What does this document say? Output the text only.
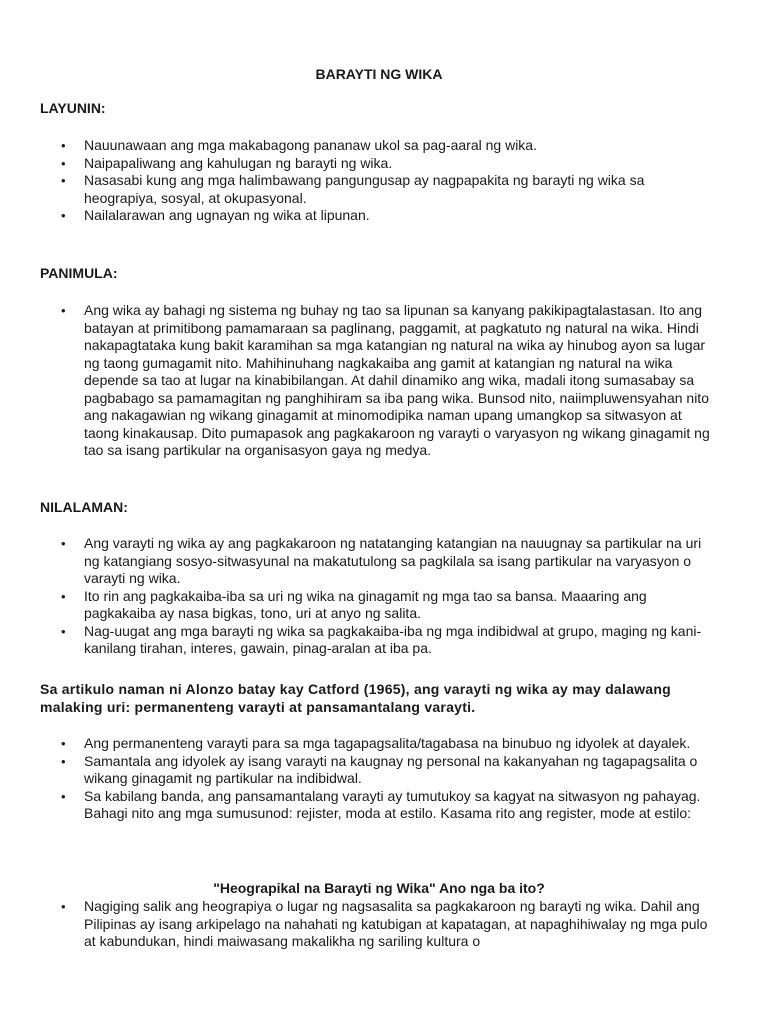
BARAYTI NG WIKA
LAYUNIN:
• Nauunawaan ang mga makabagong pananaw ukol sa pag-aaral ng wika.
• Naipapaliwang ang kahulugan ng barayti ng wika.
• Nasasabi kung ang mga halimbawang pangungusap ay nagpapakita ng barayti ng wika sa heograpiya, sosyal, at okupasyonal.
• Nailalarawan ang ugnayan ng wika at lipunan.
PANIMULA:
• Ang wika ay bahagi ng sistema ng buhay ng tao sa lipunan sa kanyang pakikipagtalastasan. Ito ang batayan at primitibong pamamaraan sa paglinang, paggamit, at pagkatuto ng natural na wika. Hindi nakapagtataka kung bakit karamihan sa mga katangian ng natural na wika ay hinubog ayon sa lugar ng taong gumagamit nito. Mahihinuhang nagkakaiba ang gamit at katangian ng natural na wika depende sa tao at lugar na kinabibilangan. At dahil dinamiko ang wika, madali itong sumasabay sa pagbabago sa pamamagitan ng panghihiram sa iba pang wika. Bunsod nito, naiimpluwensyahan nito ang nakagawian ng wikang ginagamit at minomodipika naman upang umangkop sa sitwasyon at taong kinakausap. Dito pumapasok ang pagkakaroon ng varayti o varyasyon ng wikang ginagamit ng tao sa isang partikular na organisasyon gaya ng medya.
NILALAMAN:
• Ang varayti ng wika ay ang pagkakaroon ng natatanging katangian na nauugnay sa partikular na uri ng katangiang sosyo-sitwasyunal na makatutulong sa pagkilala sa isang partikular na varyasyon o varayti ng wika.
• Ito rin ang pagkakaiba-iba sa uri ng wika na ginagamit ng mga tao sa bansa. Maaaring ang pagkakaiba ay nasa bigkas, tono, uri at anyo ng salita.
• Nag-uugat ang mga barayti ng wika sa pagkakaiba-iba ng mga indibidwal at grupo, maging ng kani-kanilang tirahan, interes, gawain, pinag-aralan at iba pa.
Sa artikulo naman ni Alonzo batay kay Catford (1965), ang varayti ng wika ay may dalawang malaking uri: permanenteng varayti at pansamantalang varayti.
• Ang permanenteng varayti para sa mga tagapagsalita/tagabasa na binubuo ng idyolek at dayalek.
• Samantala ang idyolek ay isang varayti na kaugnay ng personal na kakanyahan ng tagapagsalita o wikang ginagamit ng partikular na indibidwal.
• Sa kabilang banda, ang pansamantalang varayti ay tumutukoy sa kagyat na sitwasyon ng pahayag. Bahagi nito ang mga sumusunod: rejister, moda at estilo. Kasama rito ang register, mode at estilo:
"Heograpikal na Barayti ng Wika" Ano nga ba ito?
• Nagiging salik ang heograpiya o lugar ng nagsasalita sa pagkakaroon ng barayti ng wika. Dahil ang Pilipinas ay isang arkipelago na nahahati ng katubigan at kapatagan, at napaghihiwalay ng mga pulo at kabundukan, hindi maiwasang makalikha ng sariling kultura o
